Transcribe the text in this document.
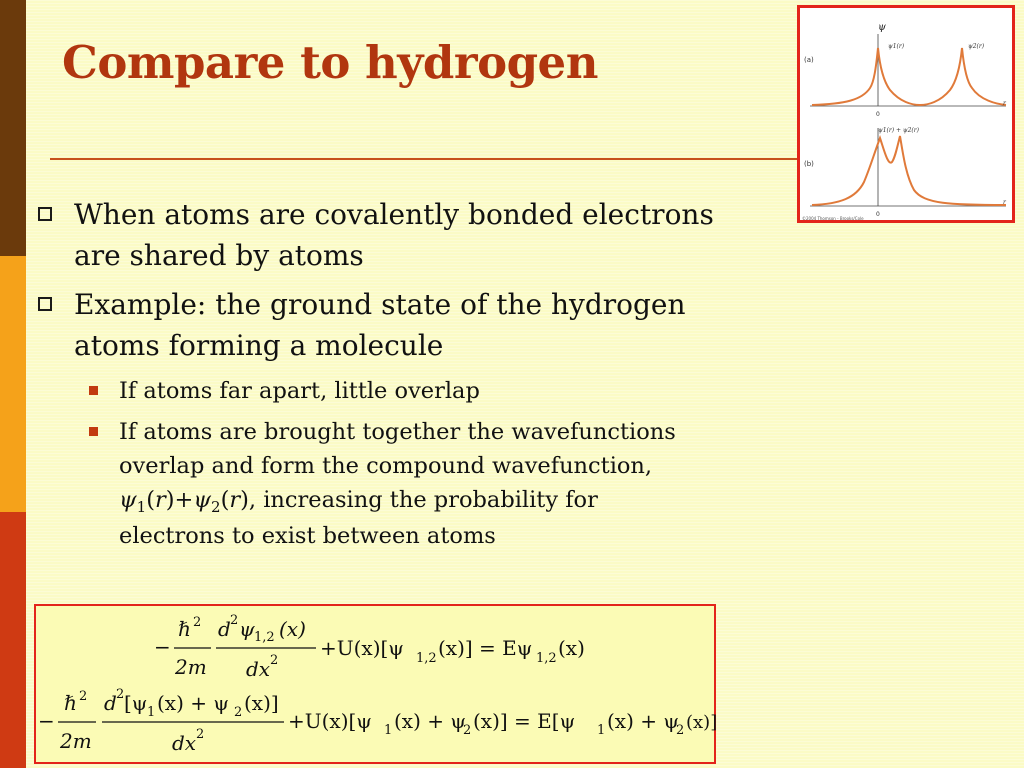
Compare to hydrogen
ψ
(a)
ψ1(r)	ψ2(r)
0
r
(b)
ψ1(r) + ψ2(r)
0
r
©2004 Thomson - Brooks/Cole
When atoms are covalently bonded electrons are shared by atoms
Example: the ground state of the hydrogen atoms forming a molecule
If atoms far apart, little overlap
If atoms are brought together the wavefunctions overlap and form the compound wavefunction, $\psi_1(r)+\psi_2(r)$, increasing the probability for electrons to exist between atoms
−
ℏ 2
2m
d 2 ψ 1,2 (x)
dx 2
+U(x)[ψ 1,2 (x)] = Eψ 1,2 (x)
−
ℏ 2
2m
d 2 [ψ 1 (x) + ψ 2 (x)]
dx 2
+U(x)[ψ 1 (x) + ψ
2 (x)] = E[ψ 1 (x) + ψ
2 (x)]
